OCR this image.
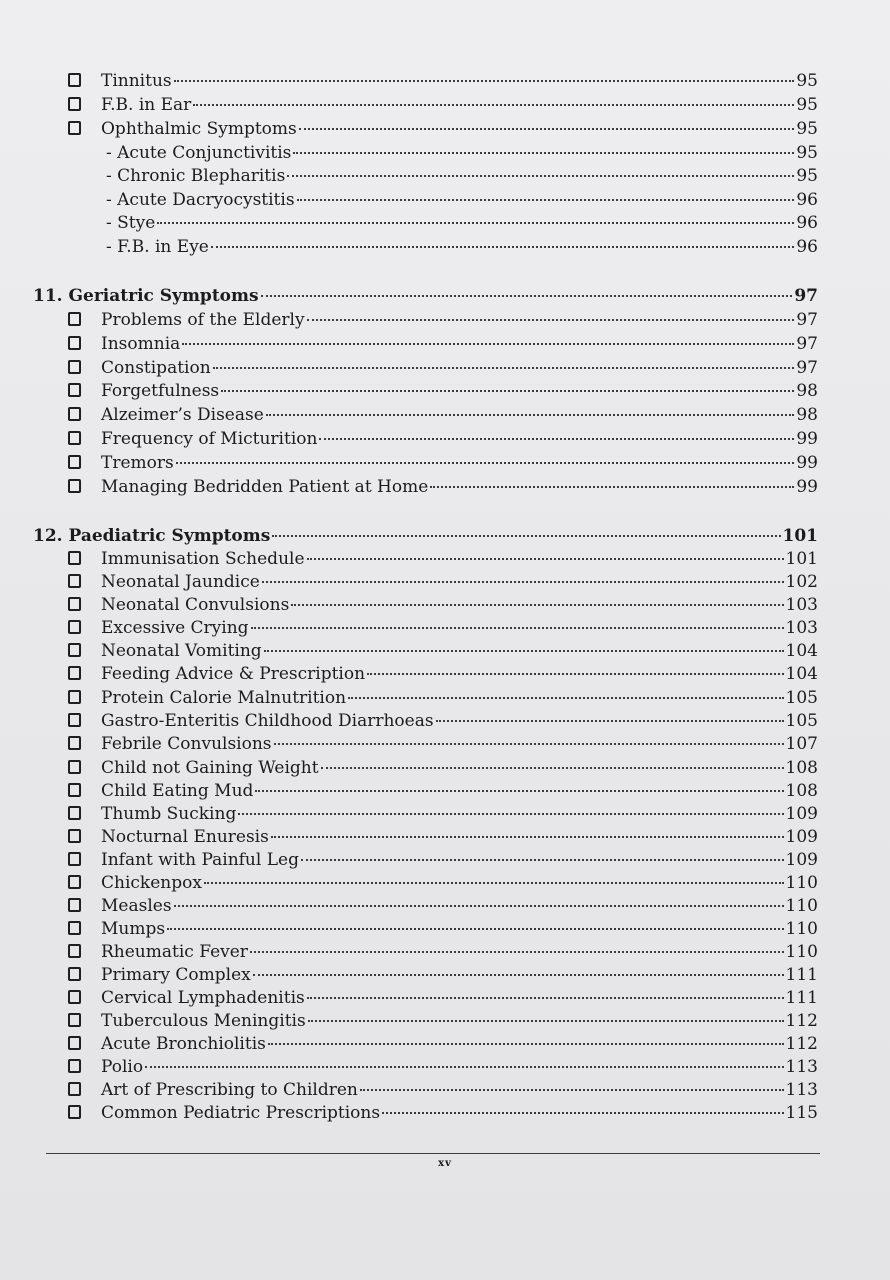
Tinnitus	95
F.B. in Ear	95
Ophthalmic Symptoms	95
- Acute Conjunctivitis	95
- Chronic Blepharitis	95
- Acute Dacryocystitis	96
- Stye	96
- F.B. in Eye	96
11. Geriatric Symptoms	97
Problems of the Elderly	97
Insomnia	97
Constipation	97
Forgetfulness	98
Alzeimer’s Disease	98
Frequency of Micturition	99
Tremors	99
Managing Bedridden Patient at Home	99
12. Paediatric Symptoms	101
Immunisation Schedule	101
Neonatal Jaundice	102
Neonatal Convulsions	103
Excessive Crying	103
Neonatal Vomiting	104
Feeding Advice & Prescription	104
Protein Calorie Malnutrition	105
Gastro-Enteritis Childhood Diarrhoeas	105
Febrile Convulsions	107
Child not Gaining Weight	108
Child Eating Mud	108
Thumb Sucking	109
Nocturnal Enuresis	109
Infant with Painful Leg	109
Chickenpox	110
Measles	110
Mumps	110
Rheumatic Fever	110
Primary Complex	111
Cervical Lymphadenitis	111
Tuberculous Meningitis	112
Acute Bronchiolitis	112
Polio	113
Art of Prescribing to Children	113
Common Pediatric Prescriptions	115
xv
